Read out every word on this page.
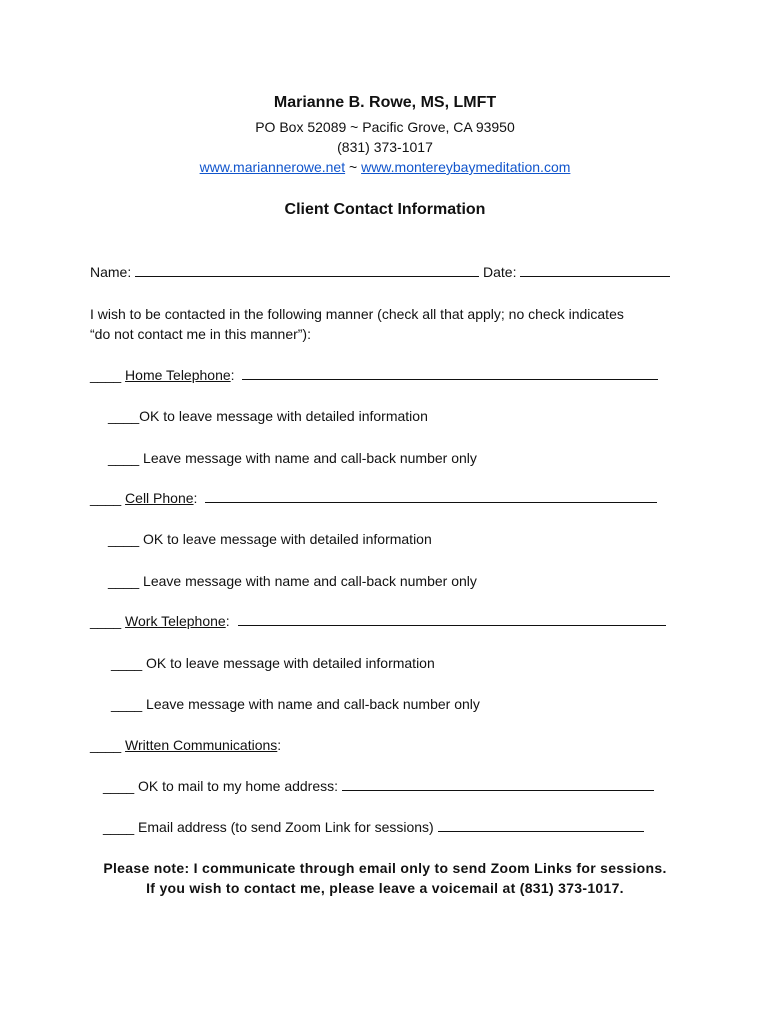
Marianne B. Rowe, MS, LMFT
PO Box 52089 ~ Pacific Grove, CA 93950
(831) 373-1017
www.mariannerowe.net ~ www.montereybaymeditation.com
Client Contact Information
Name:	Date:
I wish to be contacted in the following manner (check all that apply; no check indicates
“do not contact me in this manner”):
____ Home Telephone:
____OK to leave message with detailed information
____ Leave message with name and call-back number only
____ Cell Phone:
____ OK to leave message with detailed information
____ Leave message with name and call-back number only
____ Work Telephone:
____ OK to leave message with detailed information
____ Leave message with name and call-back number only
____ Written Communications:
____ OK to mail to my home address:
____ Email address (to send Zoom Link for sessions)
Please note: I communicate through email only to send Zoom Links for sessions.
If you wish to contact me, please leave a voicemail at (831) 373-1017.
